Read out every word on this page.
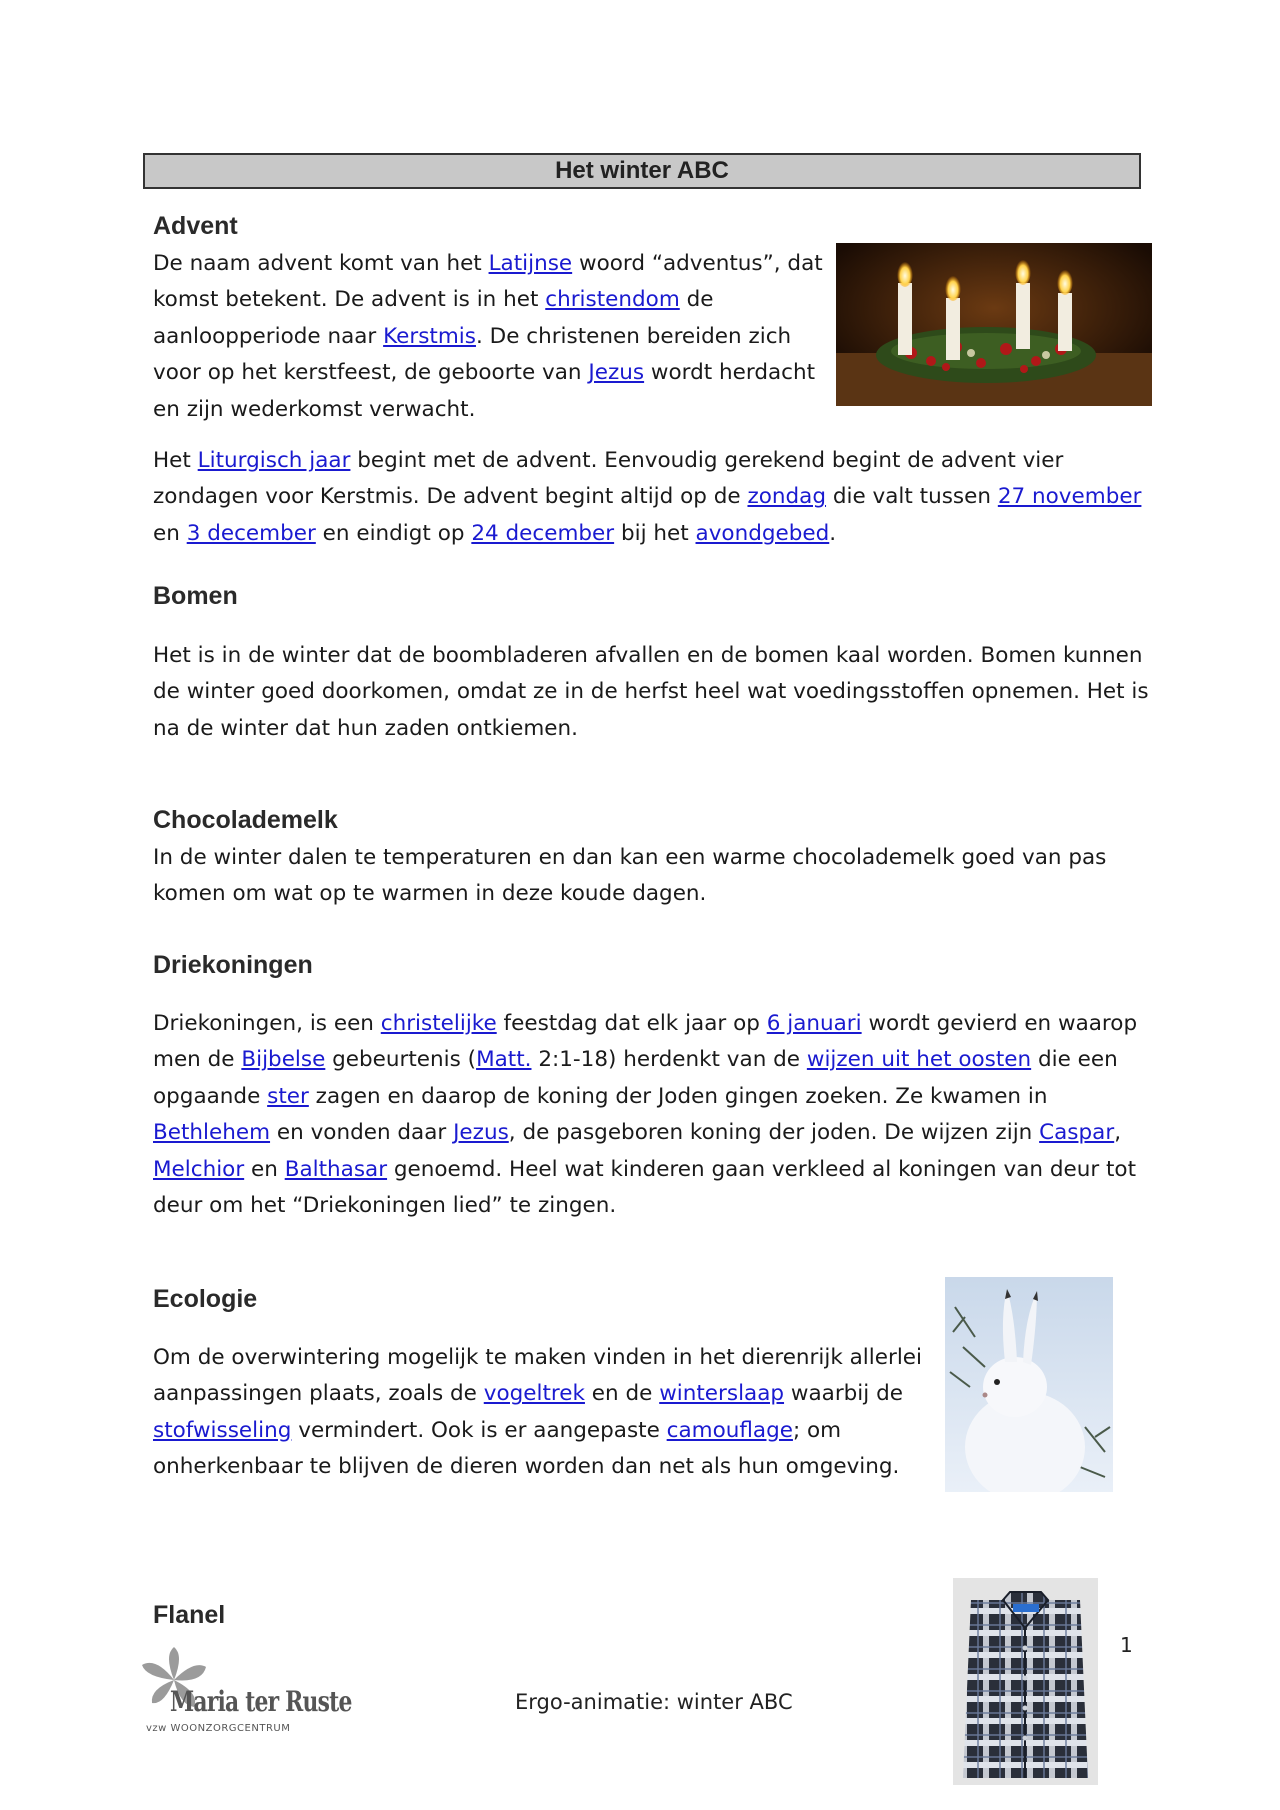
Het winter ABC
Advent
De naam advent komt van het Latijnse woord “adventus”, dat
komst betekent. De advent is in het christendom de
aanloopperiode naar Kerstmis. De christenen bereiden zich
voor op het kerstfeest, de geboorte van Jezus wordt herdacht
en zijn wederkomst verwacht.
Het Liturgisch jaar begint met de advent. Eenvoudig gerekend begint de advent vier
zondagen voor Kerstmis. De advent begint altijd op de zondag die valt tussen 27 november
en 3 december en eindigt op 24 december bij het avondgebed.
Bomen
Het is in de winter dat de boombladeren afvallen en de bomen kaal worden. Bomen kunnen
de winter goed doorkomen, omdat ze in de herfst heel wat voedingsstoffen opnemen. Het is
na de winter dat hun zaden ontkiemen.
Chocolademelk
In de winter dalen te temperaturen en dan kan een warme chocolademelk goed van pas
komen om wat op te warmen in deze koude dagen.
Driekoningen
Driekoningen, is een christelijke feestdag dat elk jaar op 6 januari wordt gevierd en waarop
men de Bijbelse gebeurtenis (Matt. 2:1-18) herdenkt van de wijzen uit het oosten die een
opgaande ster zagen en daarop de koning der Joden gingen zoeken. Ze kwamen in
Bethlehem en vonden daar Jezus, de pasgeboren koning der joden. De wijzen zijn Caspar,
Melchior en Balthasar genoemd. Heel wat kinderen gaan verkleed al koningen van deur tot
deur om het “Driekoningen lied” te zingen.
Ecologie
Om de overwintering mogelijk te maken vinden in het dierenrijk allerlei
aanpassingen plaats, zoals de vogeltrek en de winterslaap waarbij de
stofwisseling vermindert. Ook is er aangepaste camouflage; om
onherkenbaar te blijven de dieren worden dan net als hun omgeving.
Flanel
1
Maria ter Ruste
vzw WOONZORGCENTRUM
Ergo-animatie: winter ABC
